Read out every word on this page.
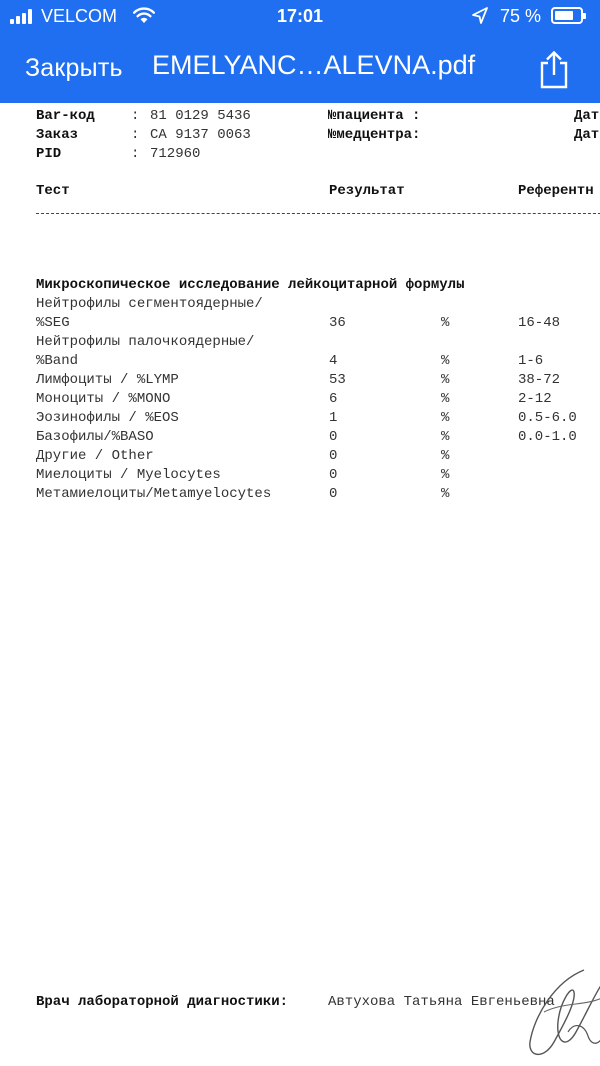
VELCOM	17:01	75 %
Закрыть EMELYANC…ALEVNA.pdf
Bar-код	: 81 0129 5436	№пациента :	Дат
Заказ	: CA 9137 0063	№медцентра:	Дат
PID	: 712960
Тест	Результат	Референтн
Микроскопическое исследование лейкоцитарной формулы
Нейтрофилы сегментоядерные/
%SEG	36	%	16-48
Нейтрофилы палочкоядерные/
%Band	4	%	1-6
Лимфоциты / %LYMP	53	%	38-72
Моноциты / %MONO	6	%	2-12
Эозинофилы / %EOS	1	%	0.5-6.0
Базофилы/%BASO	0	%	0.0-1.0
Другие / Other	0	%
Миелоциты / Myelocytes	0	%
Метамиелоциты/Metamyelocytes	0	%
Врач лабораторной диагностики:	Автухова Татьяна Евгеньевна
